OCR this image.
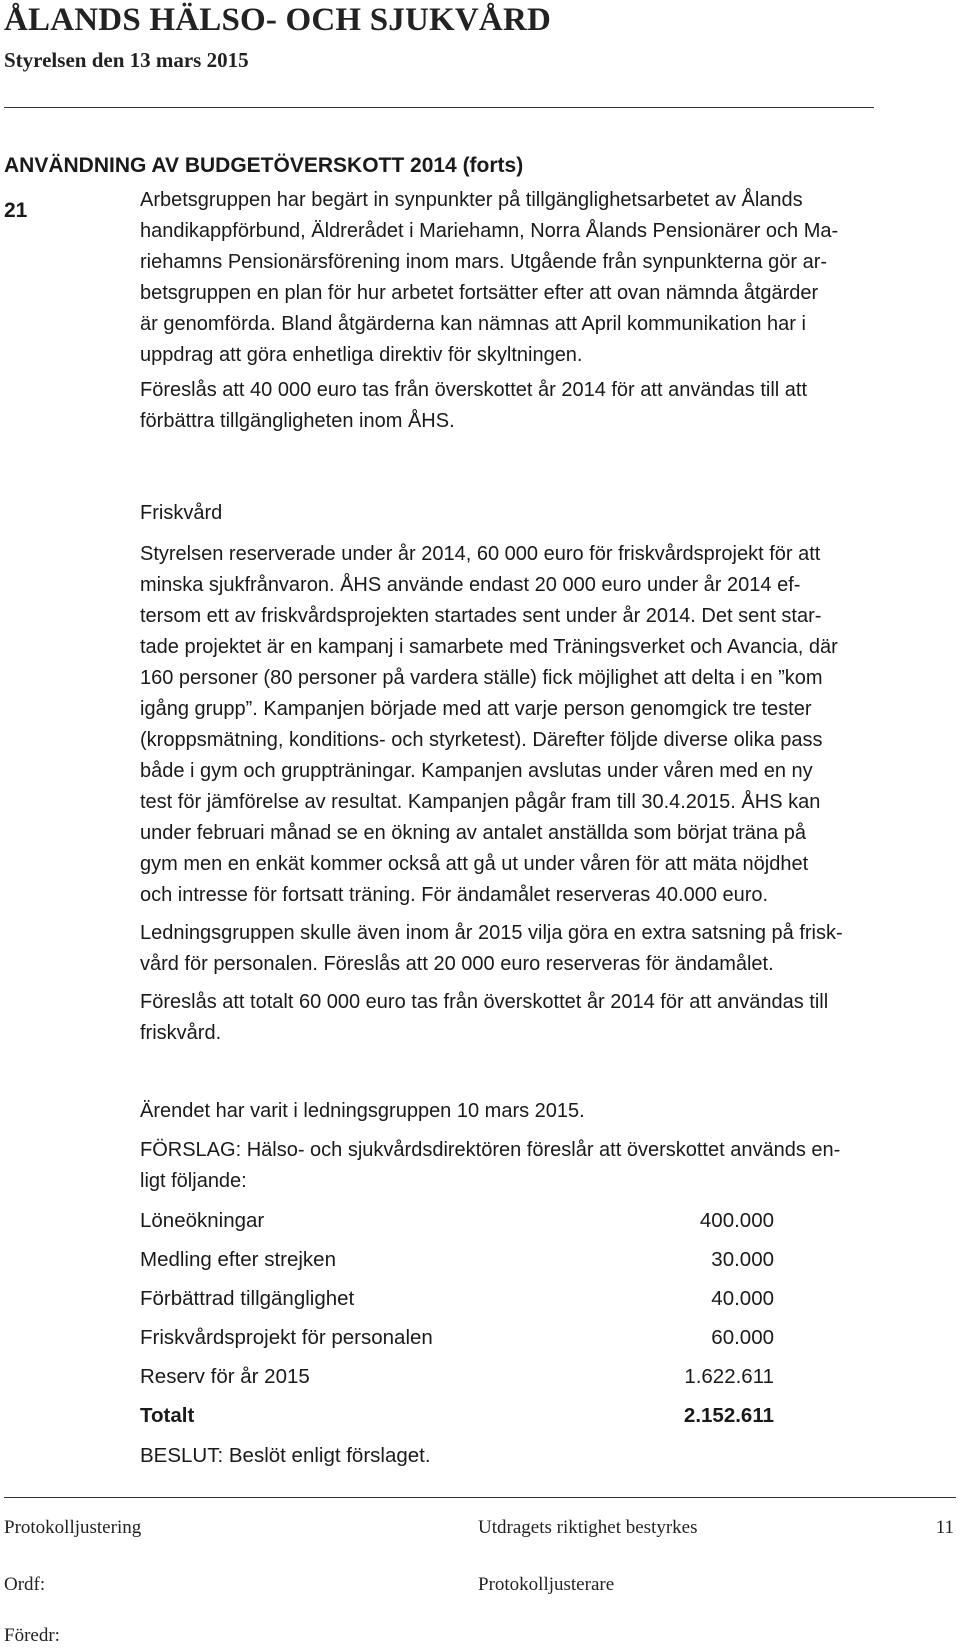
ÅLANDS HÄLSO- OCH SJUKVÅRD
Styrelsen den 13 mars 2015
ANVÄNDNING AV BUDGETÖVERSKOTT 2014 (forts)
21	Arbetsgruppen har begärt in synpunkter på tillgänglighetsarbetet av Ålands
handikappförbund, Äldrerådet i Mariehamn, Norra Ålands Pensionärer och Ma-
riehamns Pensionärsförening inom mars. Utgående från synpunkterna gör ar-
betsgruppen en plan för hur arbetet fortsätter efter att ovan nämnda åtgärder
är genomförda. Bland åtgärderna kan nämnas att April kommunikation har i
uppdrag att göra enhetliga direktiv för skyltningen.
Föreslås att 40 000 euro tas från överskottet år 2014 för att användas till att
förbättra tillgängligheten inom ÅHS.
Friskvård
Styrelsen reserverade under år 2014, 60 000 euro för friskvårdsprojekt för att
minska sjukfrånvaron. ÅHS använde endast 20 000 euro under år 2014 ef-
tersom ett av friskvårdsprojekten startades sent under år 2014. Det sent star-
tade projektet är en kampanj i samarbete med Träningsverket och Avancia, där
160 personer (80 personer på vardera ställe) fick möjlighet att delta i en ”kom
igång grupp”. Kampanjen började med att varje person genomgick tre tester
(kroppsmätning, konditions- och styrketest). Därefter följde diverse olika pass
både i gym och gruppträningar. Kampanjen avslutas under våren med en ny
test för jämförelse av resultat. Kampanjen pågår fram till 30.4.2015. ÅHS kan
under februari månad se en ökning av antalet anställda som börjat träna på
gym men en enkät kommer också att gå ut under våren för att mäta nöjdhet
och intresse för fortsatt träning. För ändamålet reserveras 40.000 euro.
Ledningsgruppen skulle även inom år 2015 vilja göra en extra satsning på frisk-
vård för personalen. Föreslås att 20 000 euro reserveras för ändamålet.
Föreslås att totalt 60 000 euro tas från överskottet år 2014 för att användas till
friskvård.
Ärendet har varit i ledningsgruppen 10 mars 2015.
FÖRSLAG: Hälso- och sjukvårdsdirektören föreslår att överskottet används en-
ligt följande:
Löneökningar	400.000
Medling efter strejken	30.000
Förbättrad tillgänglighet	40.000
Friskvårdsprojekt för personalen	60.000
Reserv för år 2015	1.622.611
Totalt	2.152.611
BESLUT: Beslöt enligt förslaget.
Protokolljustering	Utdragets riktighet bestyrkes	11
Ordf:	Protokolljusterare
Föredr:
